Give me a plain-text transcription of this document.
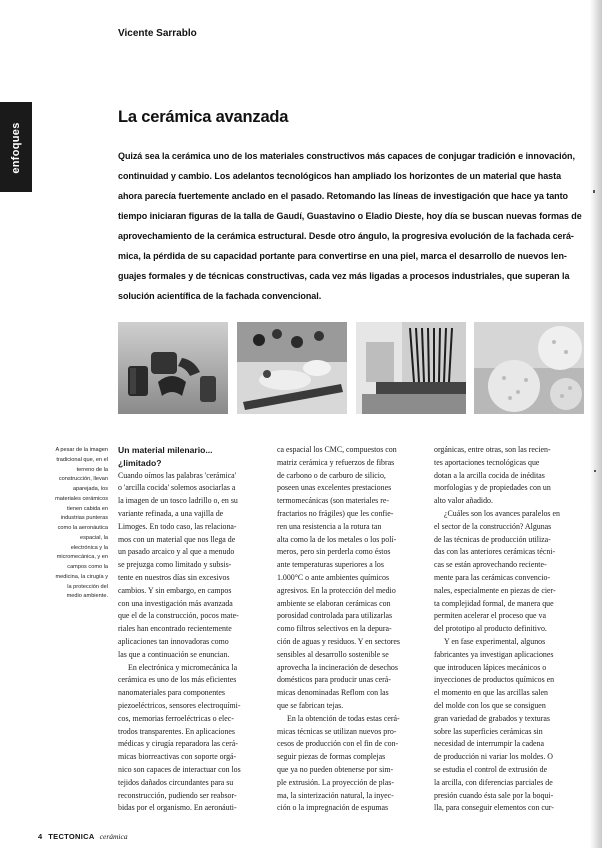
enfoques
Vicente Sarrablo
La cerámica avanzada
Quizá sea la cerámica uno de los materiales constructivos más capaces de conjugar tradición e innovación,
continuidad y cambio. Los adelantos tecnológicos han ampliado los horizontes de un material que hasta
ahora parecía fuertemente anclado en el pasado. Retomando las líneas de investigación que hace ya tanto
tiempo iniciaran figuras de la talla de Gaudí, Guastavino o Eladio Dieste, hoy día se buscan nuevas formas de
aprovechamiento de la cerámica estructural. Desde otro ángulo, la progresiva evolución de la fachada cerá-
mica, la pérdida de su capacidad portante para convertirse en una piel, marca el desarrollo de nuevos len-
guajes formales y de técnicas constructivas, cada vez más ligadas a procesos industriales, que superan la
solución acientífica de la fachada convencional.
A pesar de la imagen
tradicional que, en el
terreno de la
construcción, llevan
aparejada, los
materiales cerámicos
tienen cabida en
industrias punteras
como la aeronáutica
espacial, la
electrónica y la
micromecánica, y en
campos como la
medicina, la cirugía y
la protección del
medio ambiente.
Un material milenario...
¿limitado?
Cuando oímos las palabras 'cerámica'
o 'arcilla cocida' solemos asociarlas a
la imagen de un tosco ladrillo o, en su
variante refinada, a una vajilla de
Limoges. En todo caso, las relaciona-
mos con un material que nos llega de
un pasado arcaico y al que a menudo
se prejuzga como limitado y subsis-
tente en nuestros días sin excesivos
cambios. Y sin embargo, en campos
con una investigación más avanzada
que el de la construcción, pocos mate-
riales han encontrado recientemente
aplicaciones tan innovadoras como
las que a continuación se enuncian.
En electrónica y micromecánica la
cerámica es uno de los más eficientes
nanomateriales para componentes
piezoeléctricos, sensores electroquími-
cos, memorias ferroeléctricas o elec-
trodos transparentes. En aplicaciones
médicas y cirugía reparadora las cerá-
micas biorreactivas con soporte orgá-
nico son capaces de interactuar con los
tejidos dañados circundantes para su
reconstrucción, pudiendo ser reabsor-
bidas por el organismo. En aeronáuti-
ca espacial los CMC, compuestos con
matriz cerámica y refuerzos de fibras
de carbono o de carburo de silicio,
poseen unas excelentes prestaciones
termomecánicas (son materiales re-
fractarios no frágiles) que les confie-
ren una resistencia a la rotura tan
alta como la de los metales o los polí-
meros, pero sin perderla como éstos
ante temperaturas superiores a los
1.000°C o ante ambientes químicos
agresivos. En la protección del medio
ambiente se elaboran cerámicas con
porosidad controlada para utilizarlas
como filtros selectivos en la depura-
ción de aguas y residuos. Y en sectores
sensibles al desarrollo sostenible se
aprovecha la incineración de desechos
domésticos para producir unas cerá-
micas denominadas Reflom con las
que se fabrican tejas.
En la obtención de todas estas cerá-
micas técnicas se utilizan nuevos pro-
cesos de producción con el fin de con-
seguir piezas de formas complejas
que ya no pueden obtenerse por sim-
ple extrusión. La proyección de plas-
ma, la sinterización natural, la inyec-
ción o la impregnación de espumas
orgánicas, entre otras, son las recien-
tes aportaciones tecnológicas que
dotan a la arcilla cocida de inéditas
morfologías y de propiedades con un
alto valor añadido.
¿Cuáles son los avances paralelos en
el sector de la construcción? Algunas
de las técnicas de producción utiliza-
das con las anteriores cerámicas técni-
cas se están aprovechando reciente-
mente para las cerámicas convencio-
nales, especialmente en piezas de cier-
ta complejidad formal, de manera que
permiten acelerar el proceso que va
del prototipo al producto definitivo.
Y en fase experimental, algunos
fabricantes ya investigan aplicaciones
que introducen lápices mecánicos o
inyecciones de productos químicos en
el momento en que las arcillas salen
del molde con los que se consiguen
gran variedad de grabados y texturas
sobre las superficies cerámicas sin
necesidad de interrumpir la cadena
de producción ni variar los moldes. O
se estudia el control de extrusión de
la arcilla, con diferencias parciales de
presión cuando ésta sale por la boqui-
lla, para conseguir elementos con cur-
4 TECTONICA cerámica
